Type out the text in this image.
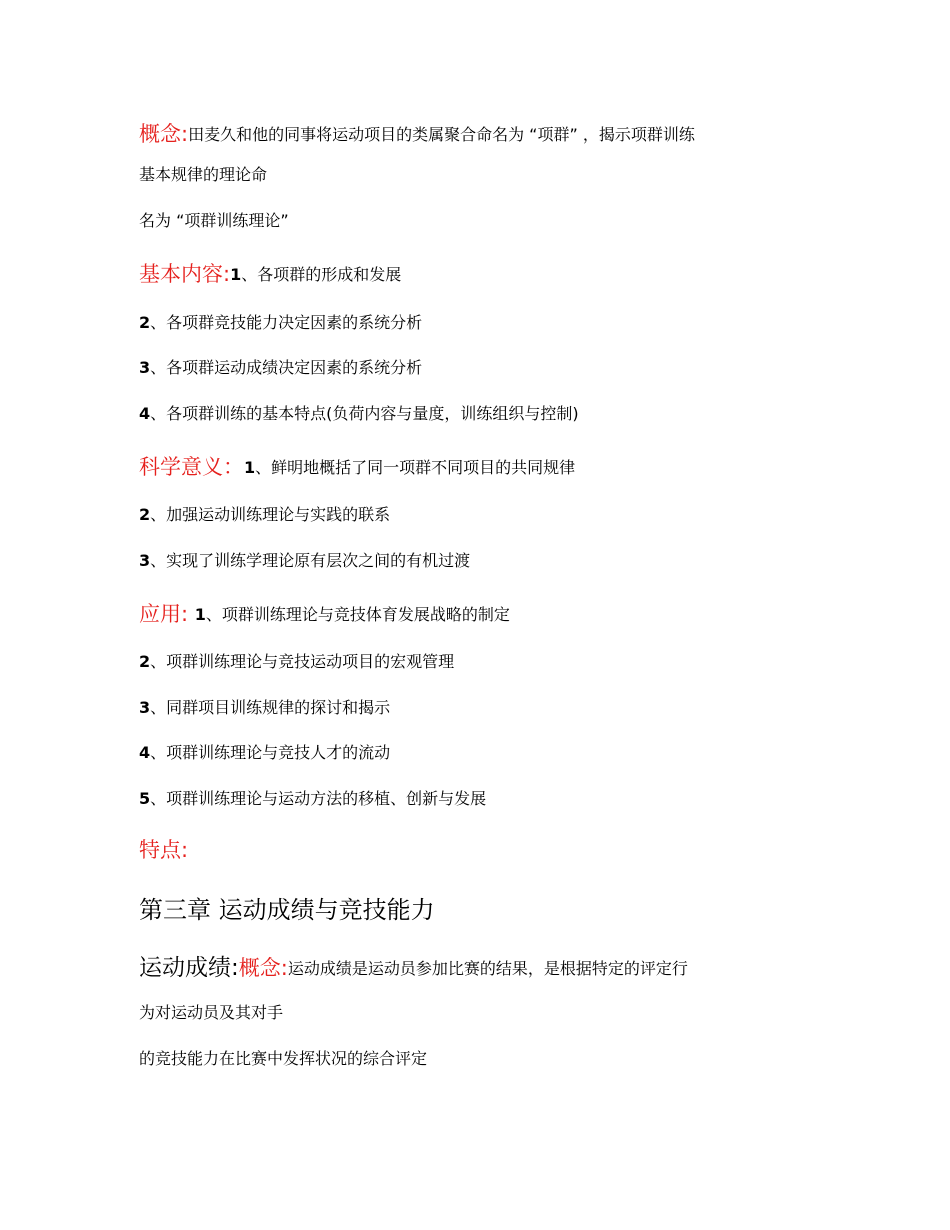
概念:田麦久和他的同事将运动项目的类属聚合命名为 “项群” ，揭示项群训练
基本规律的理论命
名为 “项群训练理论”
基本内容:1、各项群的形成和发展
2、各项群竞技能力决定因素的系统分析
3、各项群运动成绩决定因素的系统分析
4、各项群训练的基本特点(负荷内容与量度，训练组织与控制)
科学意义：1、鲜明地概括了同一项群不同项目的共同规律
2、加强运动训练理论与实践的联系
3、实现了训练学理论原有层次之间的有机过渡
应用: 1、项群训练理论与竞技体育发展战略的制定
2、项群训练理论与竞技运动项目的宏观管理
3、同群项目训练规律的探讨和揭示
4、项群训练理论与竞技人才的流动
5、项群训练理论与运动方法的移植、创新与发展
特点:
第三章 运动成绩与竞技能力
运动成绩:概念:运动成绩是运动员参加比赛的结果，是根据特定的评定行
为对运动员及其对手
的竞技能力在比赛中发挥状况的综合评定
